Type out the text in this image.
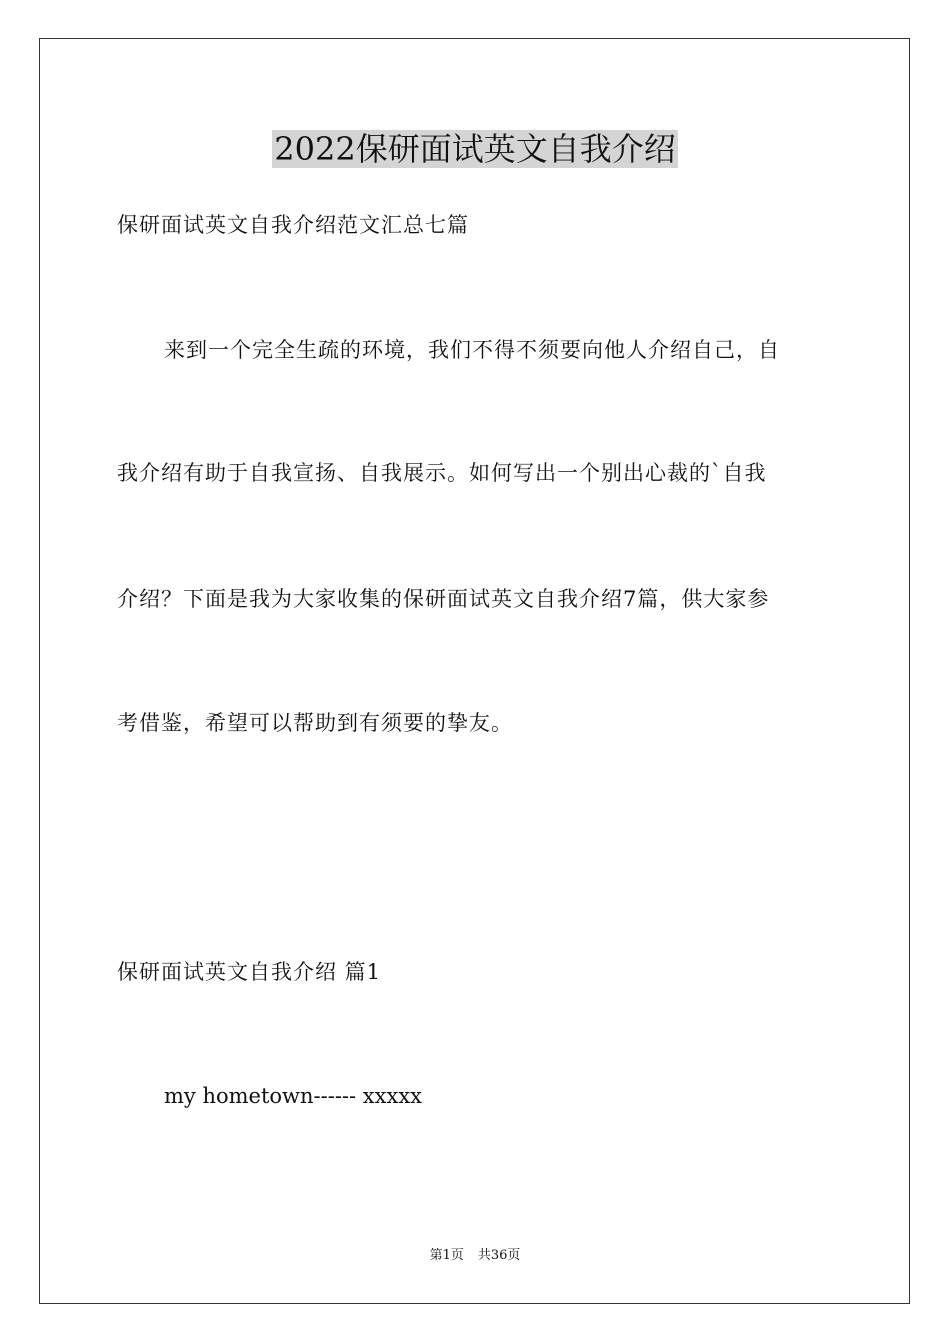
2022保研面试英文自我介绍
保研面试英文自我介绍范文汇总七篇
来到一个完全生疏的环境，我们不得不须要向他人介绍自己，自
我介绍有助于自我宣扬、自我展示。如何写出一个别出心裁的`自我
介绍？下面是我为大家收集的保研面试英文自我介绍7篇，供大家参
考借鉴，希望可以帮助到有须要的挚友。
保研面试英文自我介绍 篇1
my hometown------ xxxxx
第1页 共36页
